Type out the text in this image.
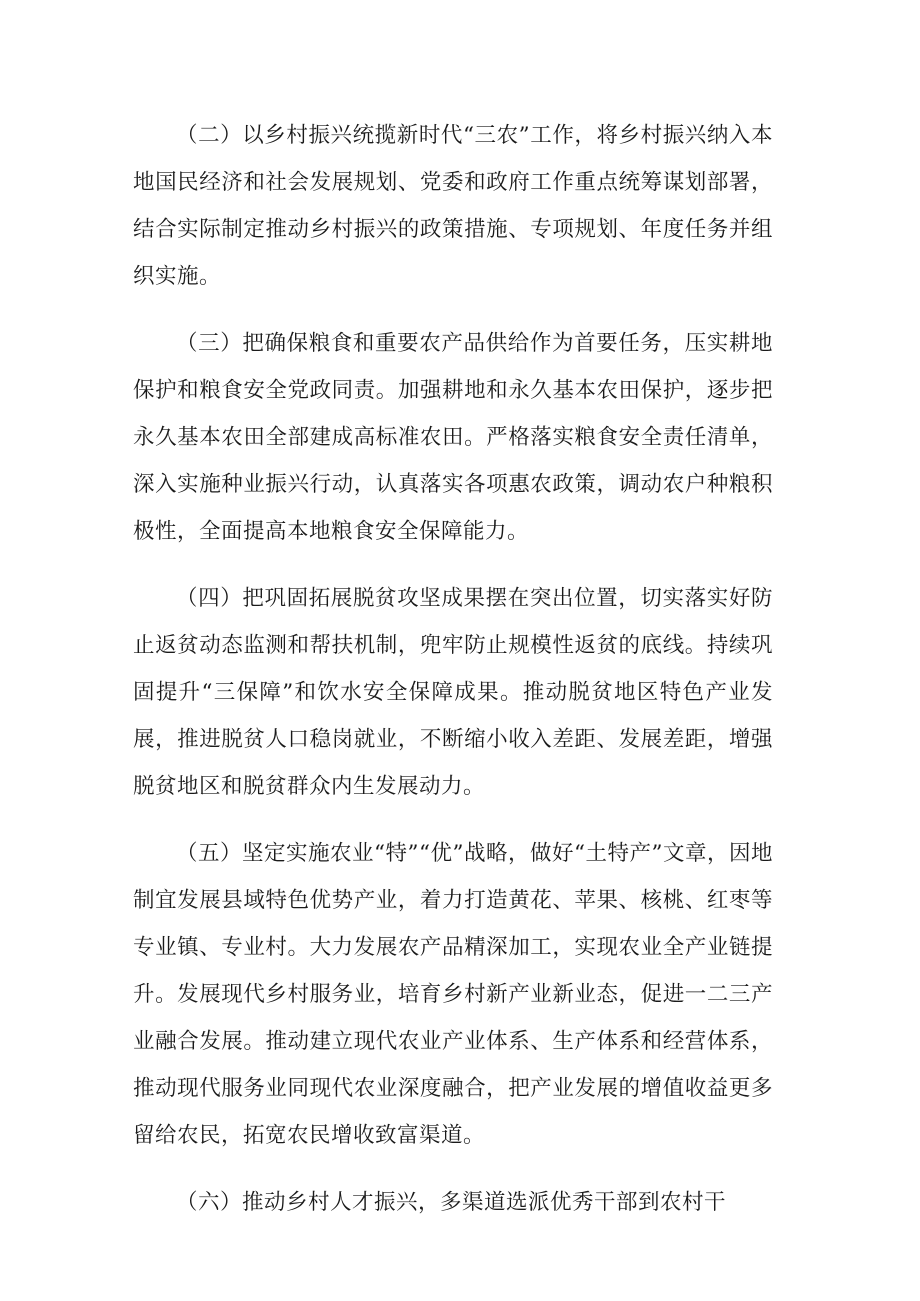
（二）以乡村振兴统揽新时代“三农”工作，将乡村振兴纳入本地国民经济和社会发展规划、党委和政府工作重点统筹谋划部署，结合实际制定推动乡村振兴的政策措施、专项规划、年度任务并组织实施。

（三）把确保粮食和重要农产品供给作为首要任务，压实耕地保护和粮食安全党政同责。加强耕地和永久基本农田保护，逐步把永久基本农田全部建成高标准农田。严格落实粮食安全责任清单，深入实施种业振兴行动，认真落实各项惠农政策，调动农户种粮积极性，全面提高本地粮食安全保障能力。

（四）把巩固拓展脱贫攻坚成果摆在突出位置，切实落实好防止返贫动态监测和帮扶机制，兜牢防止规模性返贫的底线。持续巩固提升“三保障”和饮水安全保障成果。推动脱贫地区特色产业发展，推进脱贫人口稳岗就业，不断缩小收入差距、发展差距，增强脱贫地区和脱贫群众内生发展动力。

（五）坚定实施农业“特”“优”战略，做好“土特产”文章，因地制宜发展县域特色优势产业，着力打造黄花、苹果、核桃、红枣等专业镇、专业村。大力发展农产品精深加工，实现农业全产业链提升。发展现代乡村服务业，培育乡村新产业新业态，促进一二三产业融合发展。推动建立现代农业产业体系、生产体系和经营体系，推动现代服务业同现代农业深度融合，把产业发展的增值收益更多留给农民，拓宽农民增收致富渠道。

（六）推动乡村人才振兴，多渠道选派优秀干部到农村干
